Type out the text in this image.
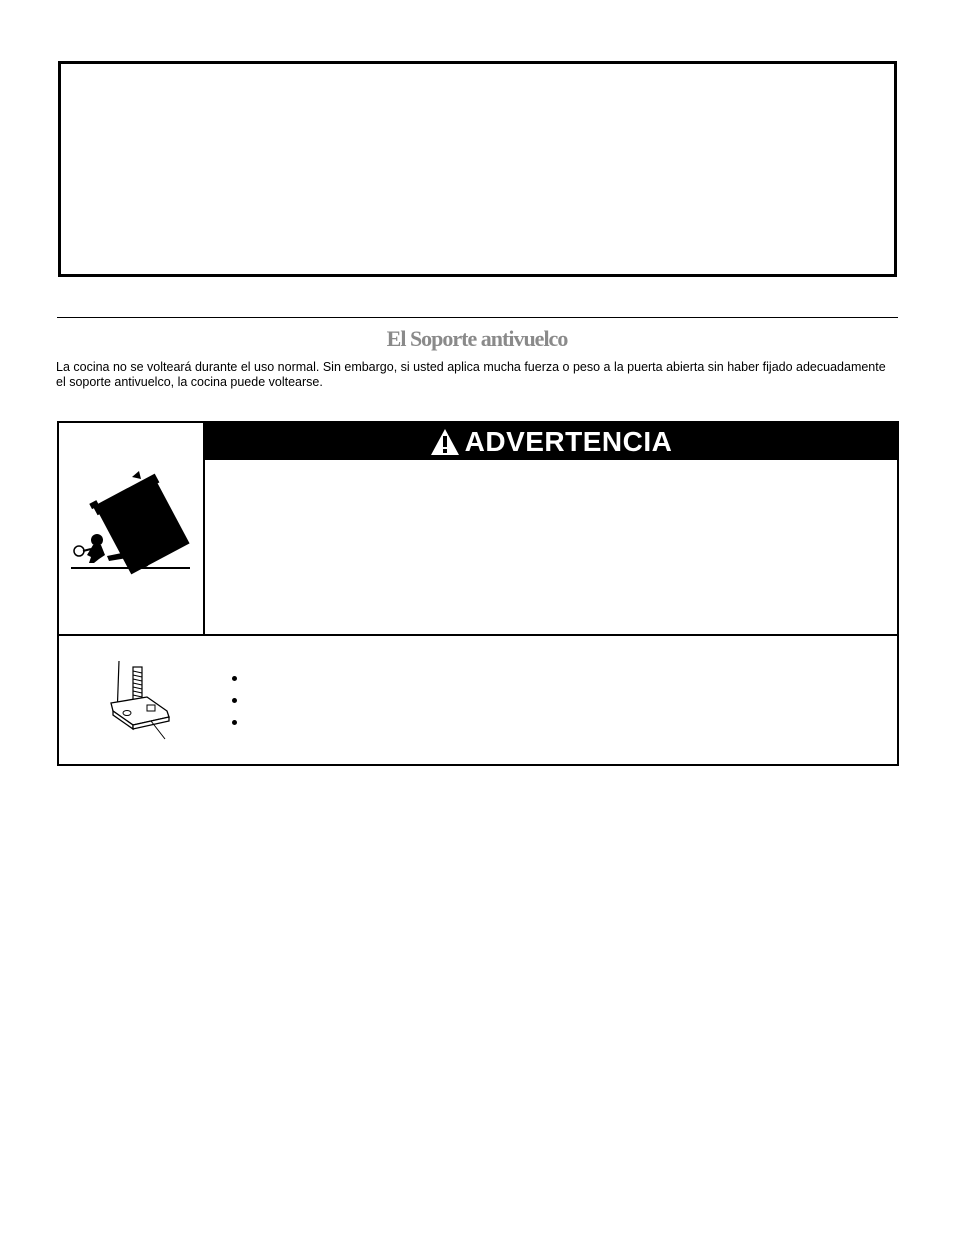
El Soporte antivuelco
La cocina no se volteará durante el uso normal. Sin embargo, si usted aplica mucha fuerza o peso a la puerta abierta sin haber fijado adecuadamente el soporte antivuelco, la cocina puede voltearse.
ADVERTENCIA
